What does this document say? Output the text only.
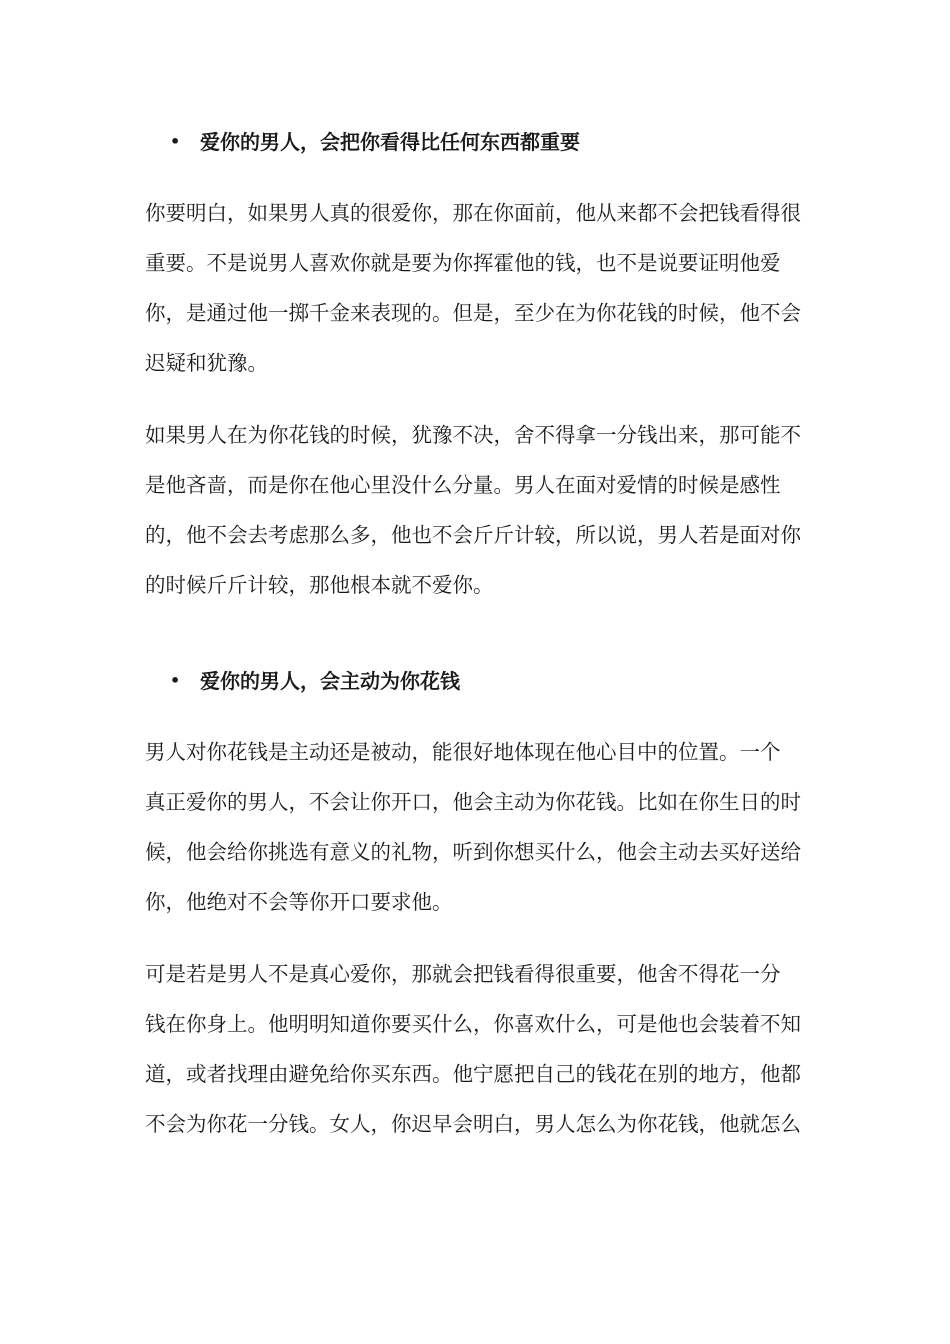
• 爱你的男人，会把你看得比任何东西都重要
你要明白，如果男人真的很爱你，那在你面前，他从来都不会把钱看得很
重要。不是说男人喜欢你就是要为你挥霍他的钱，也不是说要证明他爱
你，是通过他一掷千金来表现的。但是，至少在为你花钱的时候，他不会
迟疑和犹豫。
如果男人在为你花钱的时候，犹豫不决，舍不得拿一分钱出来，那可能不
是他吝啬，而是你在他心里没什么分量。男人在面对爱情的时候是感性
的，他不会去考虑那么多，他也不会斤斤计较，所以说，男人若是面对你
的时候斤斤计较，那他根本就不爱你。
• 爱你的男人，会主动为你花钱
男人对你花钱是主动还是被动，能很好地体现在他心目中的位置。一个
真正爱你的男人，不会让你开口，他会主动为你花钱。比如在你生日的时
候，他会给你挑选有意义的礼物，听到你想买什么，他会主动去买好送给
你，他绝对不会等你开口要求他。
可是若是男人不是真心爱你，那就会把钱看得很重要，他舍不得花一分
钱在你身上。他明明知道你要买什么，你喜欢什么，可是他也会装着不知
道，或者找理由避免给你买东西。他宁愿把自己的钱花在别的地方，他都
不会为你花一分钱。女人，你迟早会明白，男人怎么为你花钱，他就怎么
